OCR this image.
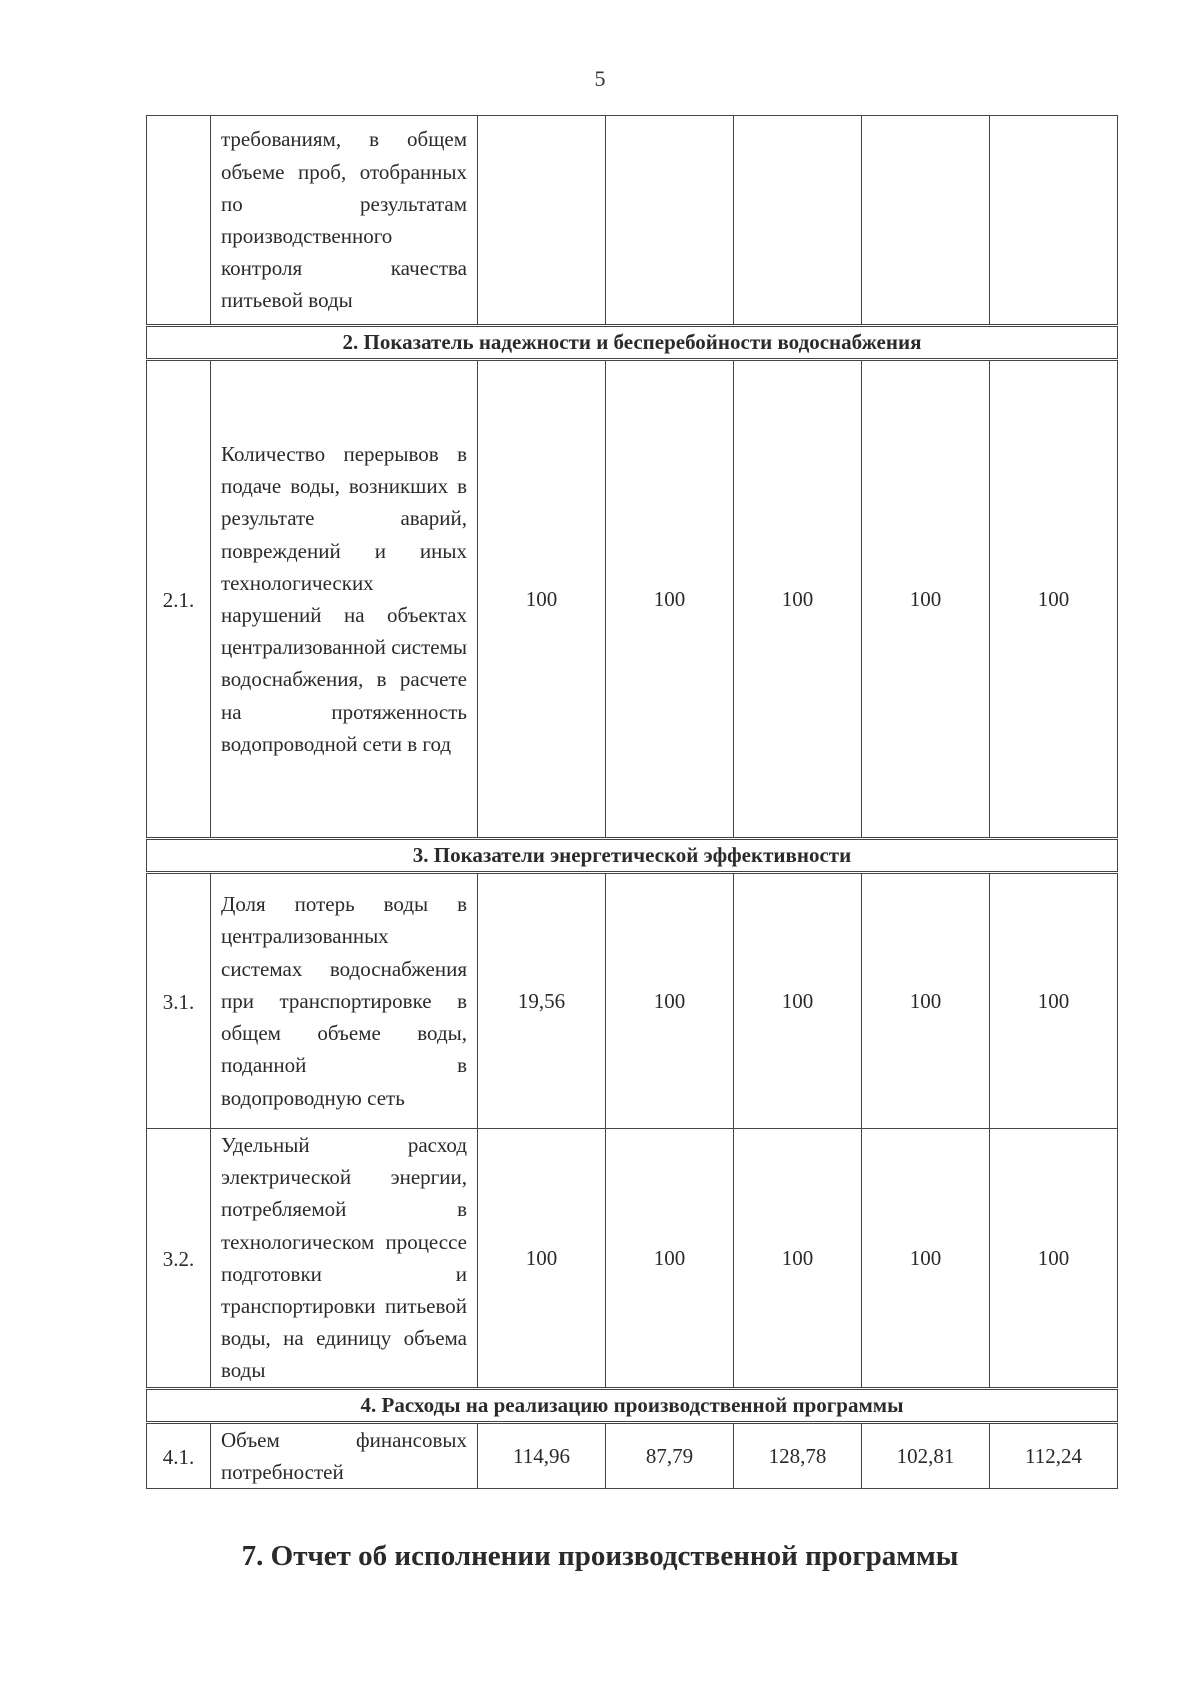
5
	требованиям, в общем объеме проб, отобранных по результатам производственного контроля качества питьевой воды					
2. Показатель надежности и бесперебойности водоснабжения						
2.1.	Количество перерывов в подаче воды, возникших в результате аварий, повреждений и иных технологических нарушений на объектах централизованной системы водоснабжения, в расчете на протяженность водопроводной сети в год	100	100	100	100	100
3. Показатели энергетической эффективности						
3.1.	Доля потерь воды в централизованных системах водоснабжения при транспортировке в общем объеме воды, поданной в водопроводную сеть	19,56	100	100	100	100
3.2.	Удельный расход электрической энергии, потребляемой в технологическом процессе подготовки и транспортировки питьевой воды, на единицу объема воды	100	100	100	100	100
4. Расходы на реализацию производственной программы						
4.1.	Объем финансовых потребностей	114,96	87,79	128,78	102,81	112,24
7. Отчет об исполнении производственной программы
